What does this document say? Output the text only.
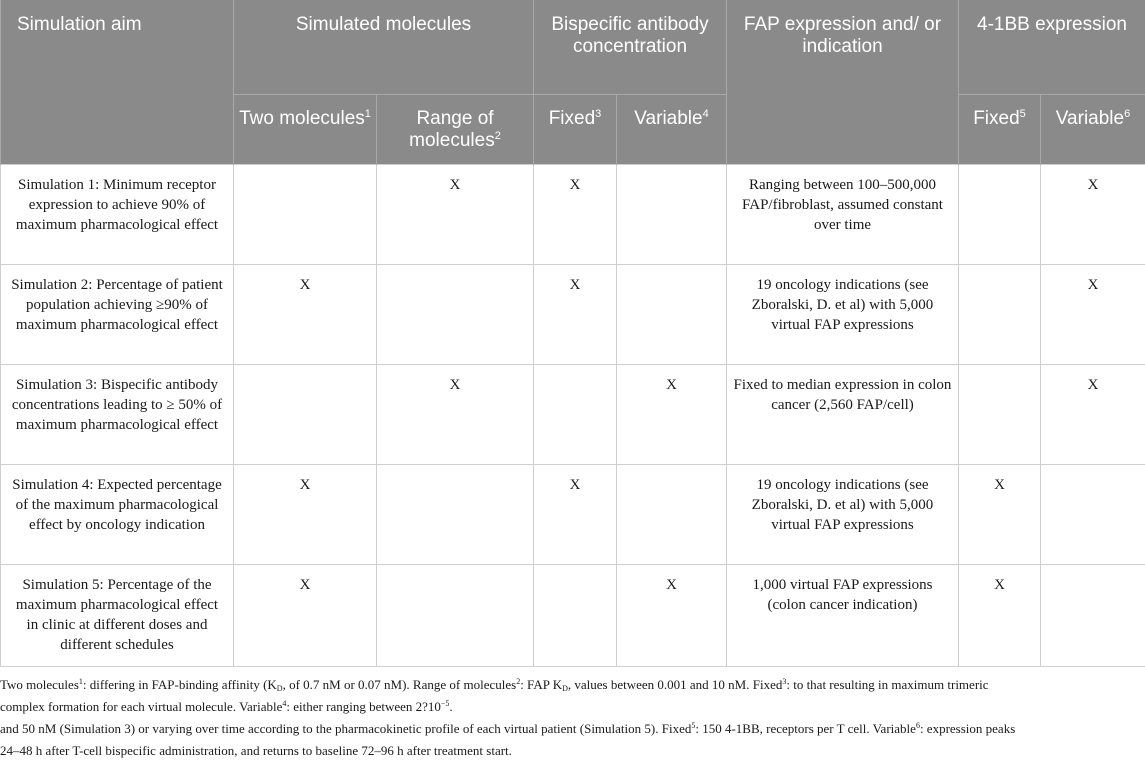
Simulation aim	Simulated molecules		Bispecific antibody concentration		FAP expression and/ or indication	4-1BB expression	
	Two molecules$^1$	Range of molecules$^2$	Fixed$^3$	Variable$^4$		Fixed$^5$	Variable$^6$
Simulation 1: Minimum receptor expression to achieve 90% of maximum pharmacological effect		X	X		Ranging between 100–500,000 FAP/fibroblast, assumed constant over time		X
Simulation 2: Percentage of patient population achieving ≥90% of maximum pharmacological effect	X		X		19 oncology indications (see Zboralski, D. et al) with 5,000 virtual FAP expressions		X
Simulation 3: Bispecific antibody concentrations leading to ≥ 50% of maximum pharmacological effect		X		X	Fixed to median expression in colon cancer (2,560 FAP/cell)		X
Simulation 4: Expected percentage of the maximum pharmacological effect by oncology indication	X		X		19 oncology indications (see Zboralski, D. et al) with 5,000 virtual FAP expressions	X	
Simulation 5: Percentage of the maximum pharmacological effect in clinic at different doses and different schedules	X			X	1,000 virtual FAP expressions (colon cancer indication)	X	

Two molecules$^1$: differing in FAP-binding affinity ($K_D$, of 0.7 nM or 0.07 nM). Range of molecules$^2$: FAP $K_D$, values between 0.001 and 10 nM. Fixed$^3$: to that resulting in maximum trimeric

complex formation for each virtual molecule. Variable$^4$: either ranging between $2?10^{-5}$.

and 50 nM (Simulation 3) or varying over time according to the pharmacokinetic profile of each virtual patient (Simulation 5). Fixed$^5$: 150 4-1BB, receptors per T cell. Variable$^6$: expression peaks

24–48 h after T-cell bispecific administration, and returns to baseline 72–96 h after treatment start.
